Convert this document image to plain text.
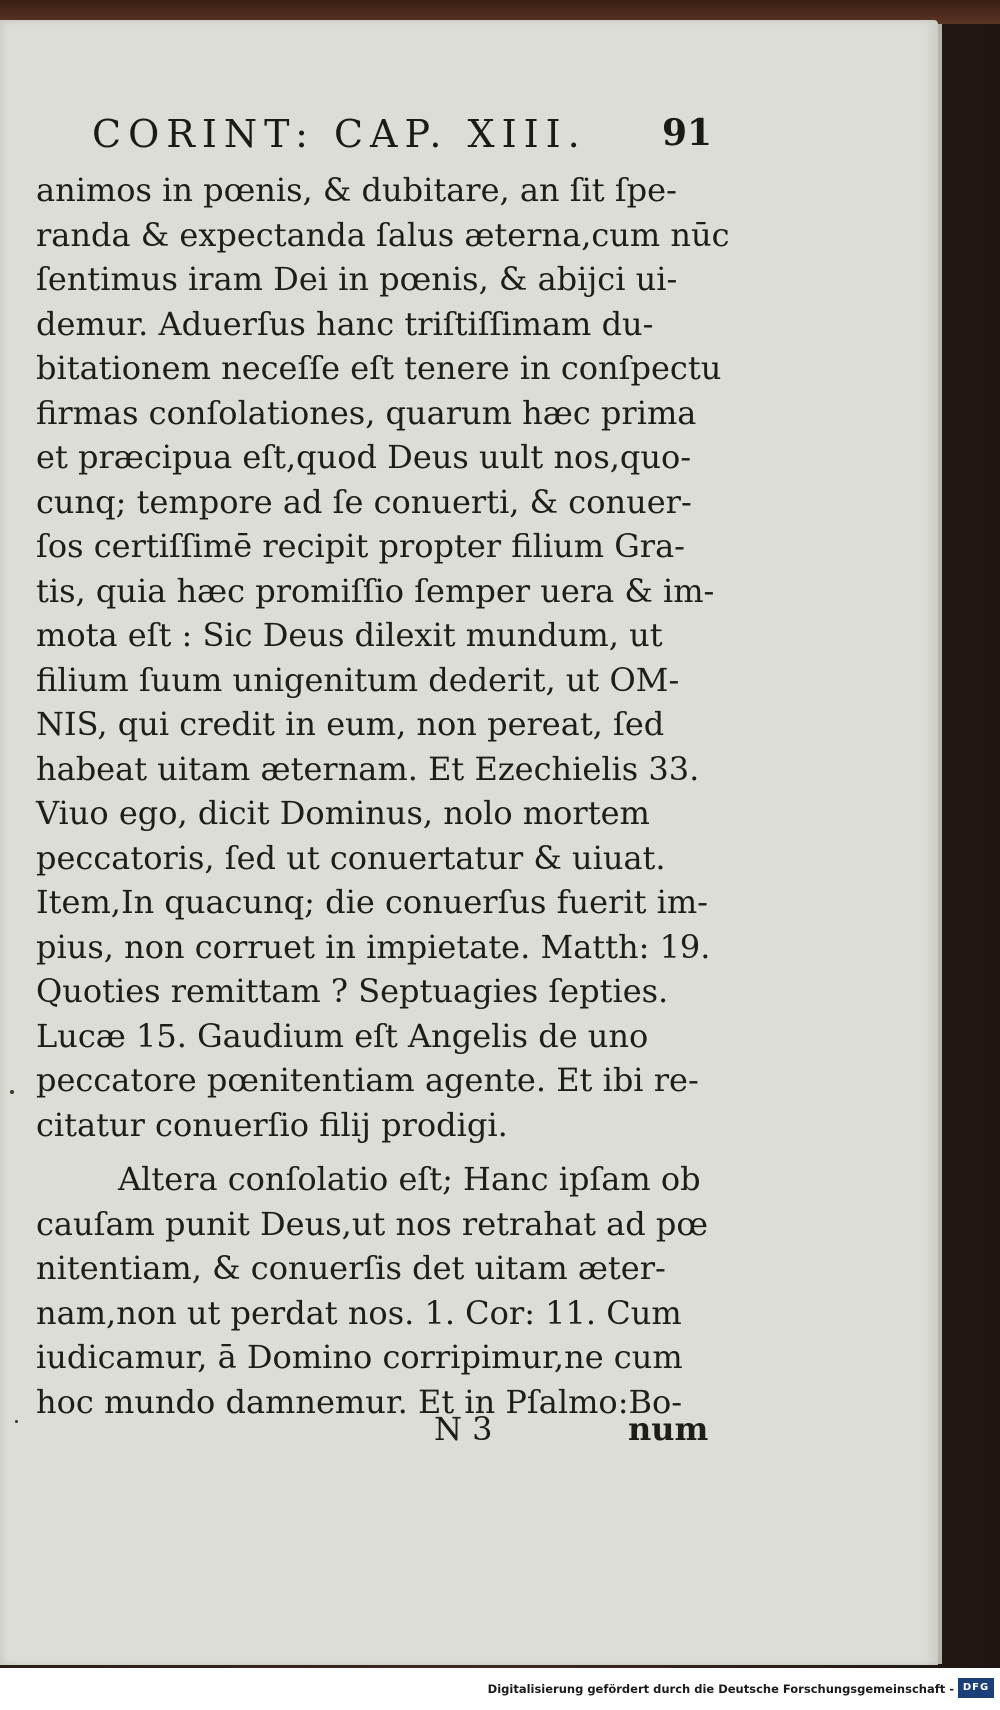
CORINT: CAP. XIII.	91
animos in pœnis, & dubitare, an ſit ſpe-
randa & expectanda ſalus æterna,cum nūc
ſentimus iram Dei in pœnis, & abijci ui-
demur. Aduerſus hanc triſtiſſimam du-
bitationem neceſſe eſt tenere in conſpectu
firmas conſolationes, quarum hæc prima
et præcipua eſt,quod Deus uult nos,quo-
cunq; tempore ad ſe conuerti, & conuer-
ſos certiſſimē recipit propter filium Gra-
tis, quia hæc promiſſio ſemper uera & im-
mota eſt : Sic Deus dilexit mundum, ut
filium ſuum unigenitum dederit, ut OM-
NIS, qui credit in eum, non pereat, ſed
habeat uitam æternam. Et Ezechielis 33.
Viuo ego, dicit Dominus, nolo mortem
peccatoris, ſed ut conuertatur & uiuat.
Item,In quacunq; die conuerſus fuerit im-
pius, non corruet in impietate. Matth: 19.
Quoties remittam ? Septuagies ſepties.
Lucæ 15. Gaudium eſt Angelis de uno
peccatore pœnitentiam agente. Et ibi re-
citatur conuerſio filij prodigi.
Altera conſolatio eſt; Hanc ipſam ob
cauſam punit Deus,ut nos retrahat ad pœ
nitentiam, & conuerſis det uitam æter-
nam,non ut perdat nos. 1. Cor: 11. Cum
iudicamur, ā Domino corripimur,ne cum
hoc mundo damnemur. Et in Pſalmo:Bo-
N 3	num
Digitalisierung gefördert durch die Deutsche Forschungsgemeinschaft - DFG
